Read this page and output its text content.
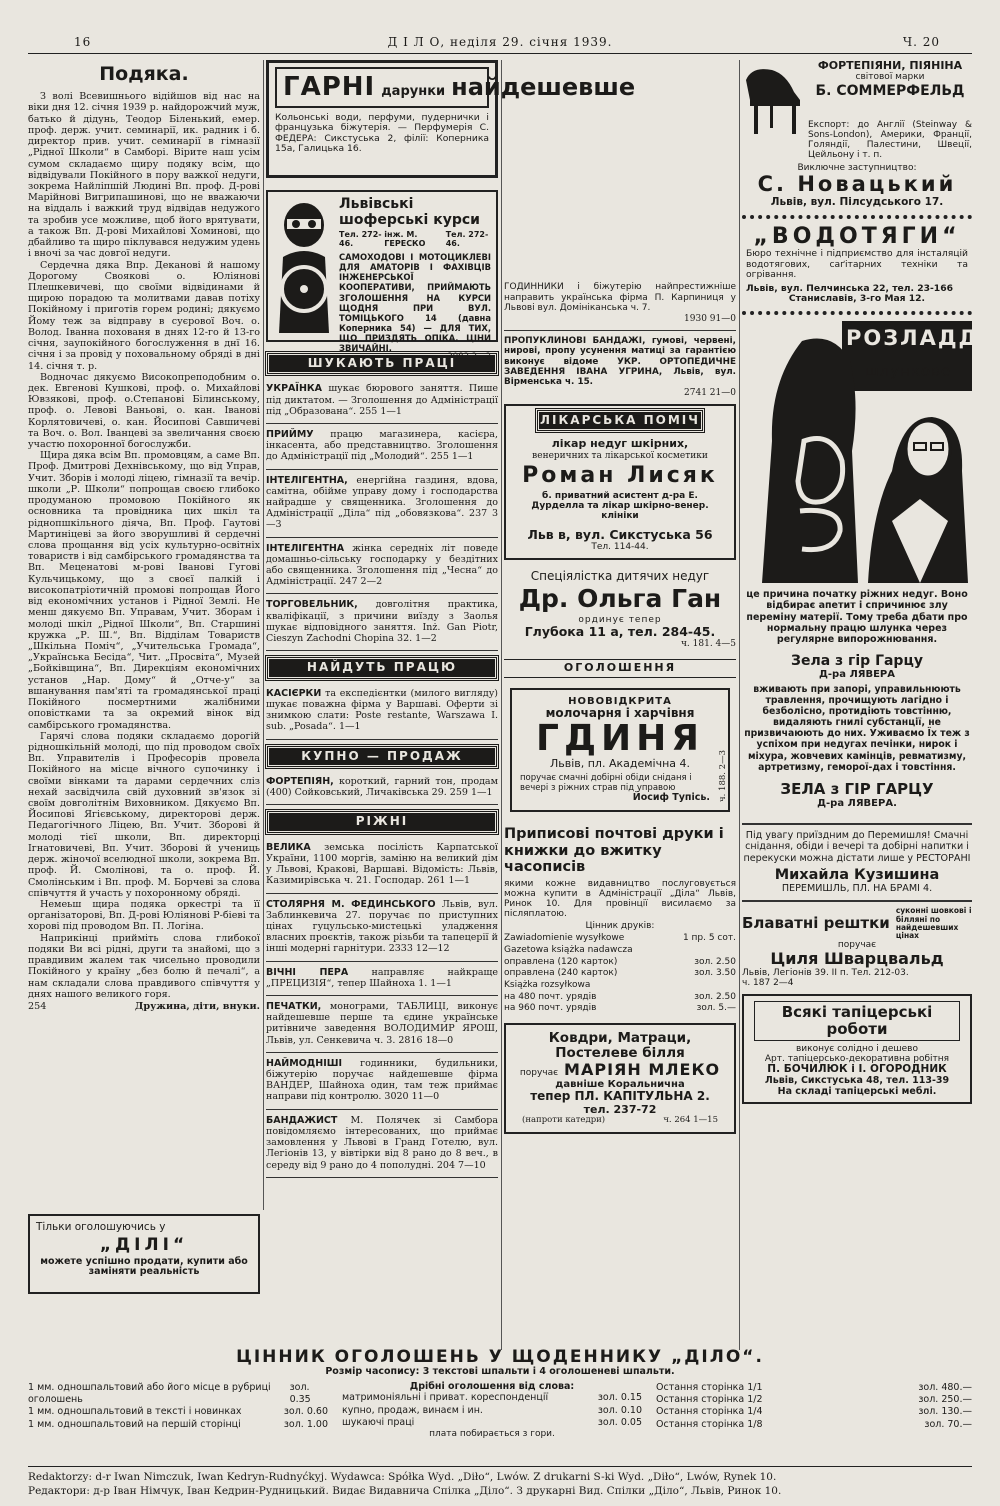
16	Д І Л О, неділя 29. січня 1939.	Ч. 20
Подяка.

З волі Всевишнього відійшов від нас на віки дня 12. січня 1939 р. найдорожчий муж, батько й дідунь, Теодор Біленький, емер. проф. держ. учит. семинарії, ик. радник і б. директор прив. учит. семинарії в гімназії „Рідної Школи“ в Самборі. Вірите наш усім сумом складаємо щиру подяку всім, що відвідували Покійного в пору важкої недуги, зокрема Найліпшій Людині Вп. проф. Д-рові Марійнові Вигрипашинові, що не вважаючи на віддаль і важкий труд відвідав недужого та зробив усе можливе, щоб його врятувати, а також Вп. Д-рові Михайлові Хоминові, що дбайливо та щиро піклувався недужим удень і вночі за час довгої недуги.

Сердечна дяка Впр. Деканові й нашому Дорогому Своякові о. Юліянові Плешкевичеві, що своїми відвідинами й щирою порадою та молитвами давав потіху Покійному і приготів горем родині; дякуємо Йому теж за відправу в суєрової Воч. о. Волод. Іванна похованя в днях 12-го й 13-го січня, заупокійного богослуження в днї 16. січня і за провід у поховальному обряді в дні 14. січня т. р.

Водночас дякуємо Високопреподобним о. дек. Евгенові Кушкові, проф. о. Михайлові Ювзякові, проф. о.Степанові Білинському, проф. о. Левові Ваньові, о. кан. Іванові Корлятовичеві, о. кан. Йосипові Савшичеві та Воч. о. Вол. Іванцеві за звеличання своєю участю похоронної богослужби.

Щира дяка всім Вп. промовцям, а саме Вп. Проф. Дмитрові Дехнівському, що від Управ, Учит. Зборів і молоді ліцею, гімназії та вечір. школи „Р. Школи“ попрощав своєю глибоко продуманою промовою Покійного як основника та провідника цих шкіл та ріднопшкільного діяча, Вп. Проф. Гаутові Мартиніцеві за його зворушливі й сердечні слова прощання від усіх культурно-освітніх товариств і від самбірського громадянства та Вп. Меценатові м-рові Іванові Гугові Кульчицькому, що з своєї палкій і високопатріотичній промові попрощав Його від економічних установ і Рідної Землі. Не менш дякуємо Вп. Управам, Учит. Зборам і молоді шкіл „Рідної Школи“, Вп. Старшині кружка „Р. Ш.“, Вп. Відділам Товариств „Шкільна Поміч“, „Учительська Громада“, „Українська Бесіда“, Чит. „Просвіта“, Музей „Бойківщина“, Вп. Дирекціям економічних установ „Нар. Дому“ й „Отче-у“ за вшанування пам'яті та громадянської праці Покійного посмертними жалібними оповістками та за окремий вінок від самбірського громадянства.

Гарячі слова подяки складаємо дорогій рідношкільній молоді, що під проводом своїх Вп. Управителів і Професорів провела Покійного на місце вічного супочинку і своїми вінками та дарами сердечних сліз нехай засвідчила свій духовний зв'язок зі своїм довголітнім Виховником. Дякуємо Вп. Йосипові Ягієвському, директорові держ. Педагогічного Ліцею, Вп. Учит. Зборові й молоді тієї школи, Вп. директорці Ігнатовичеві, Вп. Учит. Зборові й учениць держ. жіночої вселюдної школи, зокрема Вп. проф. Й. Смолінові, та о. проф. Й. Смолінським і Вп. проф. М. Борчеві за слова співчуття й участь у похоронному обряді.

Немеьш щира подяка оркестрі та її організаторові, Вп. Д-рові Юліянові Р-біеві та хорові під проводом Вп. П. Логіна.

Наприкінці прийміть слова глибокої подяки Ви всі рідні, други та знайомі, що з правдивим жалем так чисельно проводили Покійного у країну „без болю й печалі“, а нам складали слова правдивого співчуття у днях нашого великого горя.

254	Дружина, діти, внуки.
Тільки оголошуючись у
„ДІЛІ“
можете успішно продати, купити або заміняти реальність
ГАРНІ дарунки найдешевше
Кольонські води, перфуми, пудернички і французька біжутерія. — Перфумерія С. ФЕДЕРА: Сикстуська 2, філії: Коперника 15а, Галицька 16.
Львівські шоферські курси
Тел. 272-46.
інж. М. ГЕРЕСКО
Тел. 272-46.
САМОХОДОВІ І МОТОЦИКЛЕВІ ДЛЯ АМАТОРІВ І ФАХІВЦІВ ІНЖЕНЕРСЬКОЇ КООПЕРАТИВИ, ПРИЙМАЮТЬ ЗГОЛОШЕННЯ НА КУРСИ ЩОДНЯ ПРИ ВУЛ. ТОМІЦЬКОГО 14 (давна Коперника 54) — ДЛЯ ТИХ, ЩО ПРИЗДЯТЬ ОПІКА. ЦІНИ ЗВИЧАЙНІ.
3082 2—2
ШУКАЮТЬ ПРАЦІ
УКРАЇНКА шукає бюрового заняття. Пише під диктатом. — Зголошення до Адміністрації під „Образована“. 255 1—1
ПРИЙМУ працю магазинера, касієра, інкасента, або представництво. Зголошення до Адміністрації під „Молодий“. 255 1—1
ІНТЕЛІГЕНТНА, енергійна газдиня, вдова, самітна, обійме управу дому і господарства найрадше у священника. Зголошення до Адміністрації „Діла“ під „обовязкова“. 237 3—3
ІНТЕЛІГЕНТНА жінка середніх літ поведе домашньо-сільську господарку у бездітних або священника. Зголошення під „Чесна“ до Адміністрації. 247 2—2
ТОРГОВЕЛЬНИК, довголітня практика, кваліфікації, з причини виїзду з Заолья шукає відповідного заняття. Inż. Gan Piotr, Cieszyn Zachodni Chopina 32. 1—2
НАЙДУТЬ ПРАЦЮ
КАСІЄРКИ та експедієнтки (милого вигляду) шукає поважна фірма у Варшаві. Оферти зі знимкою слати: Poste restante, Warszawa I. sub. „Posada“. 1—1
КУПНО — ПРОДАЖ
ФОРТЕПІЯН, короткий, гарний тон, продам (400) Сойковський, Личаківська 29. 259 1—1
РІЖНІ
ВЕЛИКА земська посілість Карпатської України, 1100 моргів, заміню на великий дім у Львові, Кракові, Варшаві. Відомість: Львів, Казимирівська ч. 21. Господар. 261 1—1
СТОЛЯРНЯ М. ФЕДИНСЬКОГО Львів, вул. Заблинкевича 27. поручає по приступних цінах гуцульсько-мистецькі уладження власних проєктів, також різьби та тапецерії й інші модерні гарнітури. 2333 12—12
ВІЧНІ ПЕРА направляє найкраще „ПРЕЦИЗІЯ“, тепер Шайноха 1. 1—1
ПЕЧАТКИ, монограми, ТАБЛИЦІ, виконує найдешевше перше та єдине українське ритівниче заведення ВОЛОДИМИР ЯРОШ, Львів, ул. Сенкевича ч. 3. 2816 18—0
НАЙМОДНІШІ годинники, будильники, біжутерію поручає найдешевше фірма ВАНДЕР, Шайноха один, там теж приймає направи під контролю. 3020 11—0
БАНДАЖИСТ М. Полячек зі Самбора повідомляємо інтересованих, що приймає замовлення у Львові в Гранд Готелю, вул. Легіонів 13, у вівтірки від 8 рано до 8 веч., в середу від 9 рано до 4 пополудні. 204 7—10
ГОДИННИКИ і біжутерію найпрестижніше направить українська фірма П. Карпиниця у Львові вул. Домініканська ч. 7.
1930 91—0
ПРОПУКЛИНОВІ БАНДАЖІ, гумові, червені, нирові, пропу усунення матиці за гарантією виконує відоме УКР. ОРТОПЕДИЧНЕ ЗАВЕДЕННЯ ІВАНА УГРИНА, Львів, вул. Вірменська ч. 15.
2741 21—0
ЛІКАРСЬКА ПОМІЧ
лікар недуг шкірних,
венеричних та лікарської косметики
Роман Лисяк
б. приватний асистент д-ра Е. Дурделла та лікар шкірно-венер. клініки
Льв в, вул. Сикстуська 56
Тел. 114-44.
Спеціялістка дитячих недуг
Др. Ольга Ган
ординує тепер
Глубока 11 а, тел. 284-45.
ч. 181. 4—5
ОГОЛОШЕННЯ
НОВОВІДКРИТА
молочарня і харчівня
ГДИНЯ
Львів, пл. Академічна 4.
поручає смачні добірні обіди сніданя і вечері з ріжних страв під управою
Йосиф Тупісь. ч. 188. 2—3
Приписові почтові друки і книжки до вжитку часописів
якими кожне видавництво послуговується можна купити в Адміністрації „Діла“ Львів, Ринок 10. Для провінції висилаємо за післяплатою.
Цінник друків:
Zawiadomienie wysyłkowe	1 пр. 5 сот.
Gazetowa książka nadawcza
оправлена (120 карток)	зол. 2.50
оправлена (240 карток)	зол. 3.50
Książka rozsyłkowa
на 480 почт. урядів	зол. 2.50
на 960 почт. урядів	зол. 5.—
Ковдри, Матраци, Постелеве білля
поручає МАРІЯН МЛЕКО
давніше Коральнична
тепер ПЛ. КАПІТУЛЬНА 2.
тел. 237-72
(напроти катедри)	ч. 264 1—15
ФОРТЕПІЯНИ, ПІЯНІНА
світової марки
Б. СОММЕРФЕЛЬД
Експорт: до Англії (Steinway & Sons-London), Америки, Франції, Голяндії, Палестини, Швеції, Цейльону і т. п.
Виключне заступництво:
С. Новацький
Львів, вул. Пілсудського 17.
„ВОДОТЯГИ“
Бюро технічне і підприємство для інсталяцій водотягових, саґітарних техніки та огрівання.
Львів, вул. Пелчинська 22, тел. 23-166
Станиславів, 3-го Мая 12.
РОЗЛАДДЯ
шлункове
це причина початку ріжних недуг. Воно відбирає апетит і спричинює злу переміну матерії. Тому треба дбати про нормальну працю шлунка через регулярне випорожнювання.
Зела з гір Гарцу
Д-ра ЛЯВЕРА
вживають при запорі, управильнюють травлення, прочищують лагідно і безболісно, протидіють товстінню, видаляють гнилі субстанції, не призвичаюють до них. Уживаємо Їх теж з успіхом при недугах печінки, нирок і міхура, жовчевих камінців, ревматизму, артретизму, геморої-дах і товстіння.
ЗЕЛА з ГІР ГАРЦУ
Д-ра ЛЯВЕРА.
Під увагу приїздним до Перемишля! Смачні снідання, обіди і вечері та добірні напитки і перекуски можна дістати лише у РЕСТОРАНІ
Михайла Кузишина
ПЕРЕМИШЛЬ, ПЛ. НА БРАМІ 4.
Блаватні рештки
суконні шовкові і білляні по найдешевших цінах
поручає
Циля Шварцвальд
Львів, Легіонів 39. II п. Тел. 212-03.
ч. 187 2—4
Всякі тапіцерські роботи
виконує солідно і дешево
Арт. тапіцерсько-декоративна робітня
П. БОЧИЛЮК і І. ОГОРОДНИК
Львів, Сикстуська 48, тел. 113-39
На складі тапіцерські меблі.
ЦІННИК ОГОЛОШЕНЬ У ЩОДЕННИКУ „ДІЛО“.
Розмір часопису: 3 текстові шпальти і 4 оголошеневі шпальти.
1 мм. одношпальтовий або його місце в рубриці оголошень
зол. 0.35
1 мм. одношпальтовий в тексті і новинках	зол. 0.60
1 мм. одношпальтовий на першій сторінці	зол. 1.00
Дрібні оголошення від слова:
матримоніяльні і приват. кореспонденції	зол. 0.15
купно, продаж, винаєм і ин.	зол. 0.10
шукаючі праці	зол. 0.05
плата побирається з гори.
Остання сторінка 1/1	зол. 480.—
Остання сторінка 1/2	зол. 250.—
Остання сторінка 1/4	зол. 130.—
Остання сторінка 1/8	зол. 70.—
Redaktorzy: d-r Iwan Nimczuk, Iwan Kedryn-Rudnyćkyj. Wydawca: Spółka Wyd. „Diło“, Lwów. Z drukarni S-ki Wyd. „Diło“, Lwów, Rynek 10.
Редактори: д-р Іван Німчук, Іван Кедрин-Рудницький. Видає Видавнича Спілка „Діло“. З друкарні Вид. Спілки „Діло“, Львів, Ринок 10.
